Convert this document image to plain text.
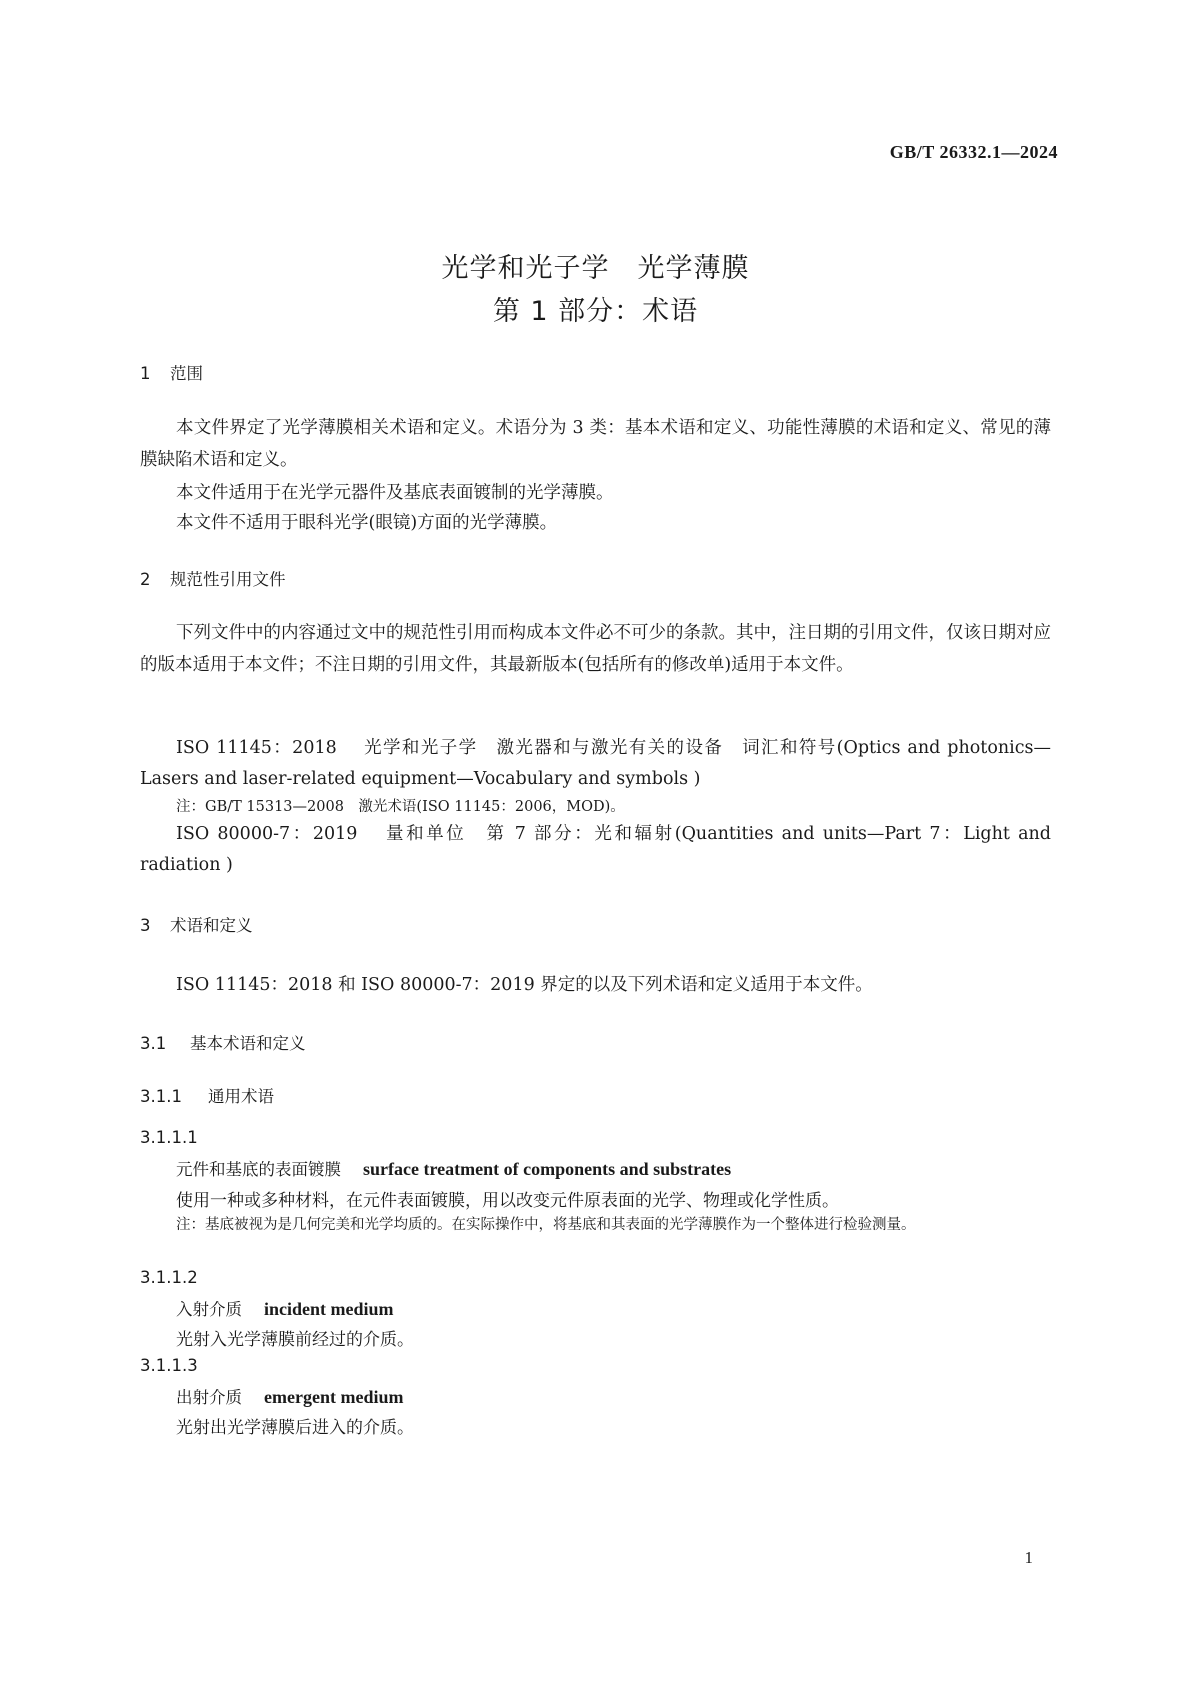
GB/T 26332.1—2024
光学和光子学　光学薄膜
第 1 部分：术语
1 范围
本文件界定了光学薄膜相关术语和定义。术语分为 3 类：基本术语和定义、功能性薄膜的术语和定义、常见的薄膜缺陷术语和定义。
本文件适用于在光学元器件及基底表面镀制的光学薄膜。
本文件不适用于眼科光学(眼镜)方面的光学薄膜。
2 规范性引用文件
下列文件中的内容通过文中的规范性引用而构成本文件必不可少的条款。其中，注日期的引用文件，仅该日期对应的版本适用于本文件；不注日期的引用文件，其最新版本(包括所有的修改单)适用于本文件。
ISO 11145：2018 光学和光子学　激光器和与激光有关的设备　词汇和符号(Optics and photonics—Lasers and laser-related equipment—Vocabulary and symbols )
注：GB/T 15313—2008　激光术语(ISO 11145：2006，MOD)。
ISO 80000-7：2019 量和单位　第 7 部分：光和辐射(Quantities and units—Part 7：Light and radiation )
3 术语和定义
ISO 11145：2018 和 ISO 80000-7：2019 界定的以及下列术语和定义适用于本文件。
3.1 基本术语和定义
3.1.1 通用术语
3.1.1.1
元件和基底的表面镀膜 surface treatment of components and substrates
使用一种或多种材料，在元件表面镀膜，用以改变元件原表面的光学、物理或化学性质。
注：基底被视为是几何完美和光学均质的。在实际操作中，将基底和其表面的光学薄膜作为一个整体进行检验测量。
3.1.1.2
入射介质 incident medium
光射入光学薄膜前经过的介质。
3.1.1.3
出射介质 emergent medium
光射出光学薄膜后进入的介质。
1
